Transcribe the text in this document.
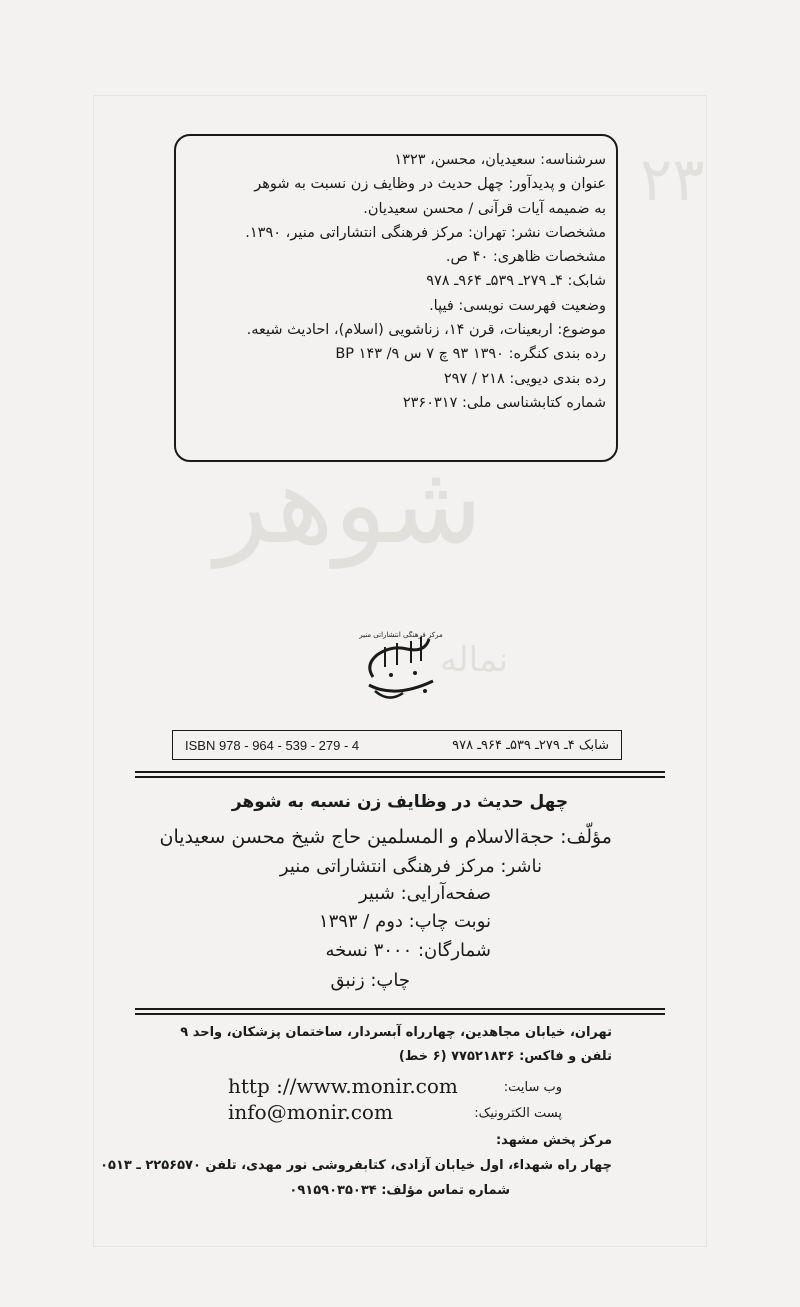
۲۳
ﺷﻮهر
ﻧﻤﺎﻟﻪ
سرشناسه: سعیدیان، محسن، ۱۳۲۳
عنوان و پدیدآور: چهل حدیث در وظایف زن نسبت به شوهر
به ضمیمه آیات قرآنی / محسن سعیدیان.
مشخصات نشر: تهران: مرکز فرهنگی انتشاراتی منیر، ۱۳۹۰.
مشخصات ظاهری: ۴۰ ص.
شابک: ۴ـ ۲۷۹ـ ۵۳۹ـ ۹۶۴ـ ۹۷۸
وضعیت فهرست نویسی: فیپا.
موضوع: اربعینات، قرن ۱۴، زناشویی (اسلام)، احادیث شیعه.
رده بندی کنگره: ۱۳۹۰ ۹۳ چ ۷ س ۹/ ۱۴۳ BP
رده بندی دیویی: ۲۱۸ / ۲۹۷
شماره کتابشناسی ملی: ۲۳۶۰۳۱۷
مرکز فرهنگی انتشاراتی منیر
ISBN 978 - 964 - 539 - 279 - 4	شابک ۴ـ ۲۷۹ـ ۵۳۹ـ ۹۶۴ـ ۹۷۸
چهل حدیث در وظایف زن نسبه به شوهر
مؤلّف: حجةالاسلام و المسلمین حاج شیخ محسن سعیدیان
ناشر: مرکز فرهنگی انتشاراتی منیر
صفحه‌آرایی: شبیر
نوبت چاپ: دوم / ۱۳۹۳
شمارگان: ۳۰۰۰ نسخه
چاپ: زنبق
تهران، خیابان مجاهدین، چهارراه آبسردار، ساختمان پزشکان، واحد ۹
تلفن و فاکس: ۷۷۵۲۱۸۳۶ (۶ خط)
وب سایت:
http ://www.monir.com
پست الکترونیک:
info@monir.com
مرکز پخش مشهد:
چهار راه شهداء، اول خیابان آزادی، کتابفروشی نور مهدی، تلفن ۲۲۵۶۵۷۰ ـ ۰۵۱۳
شماره تماس مؤلف: ۰۹۱۵۹۰۳۵۰۳۴
